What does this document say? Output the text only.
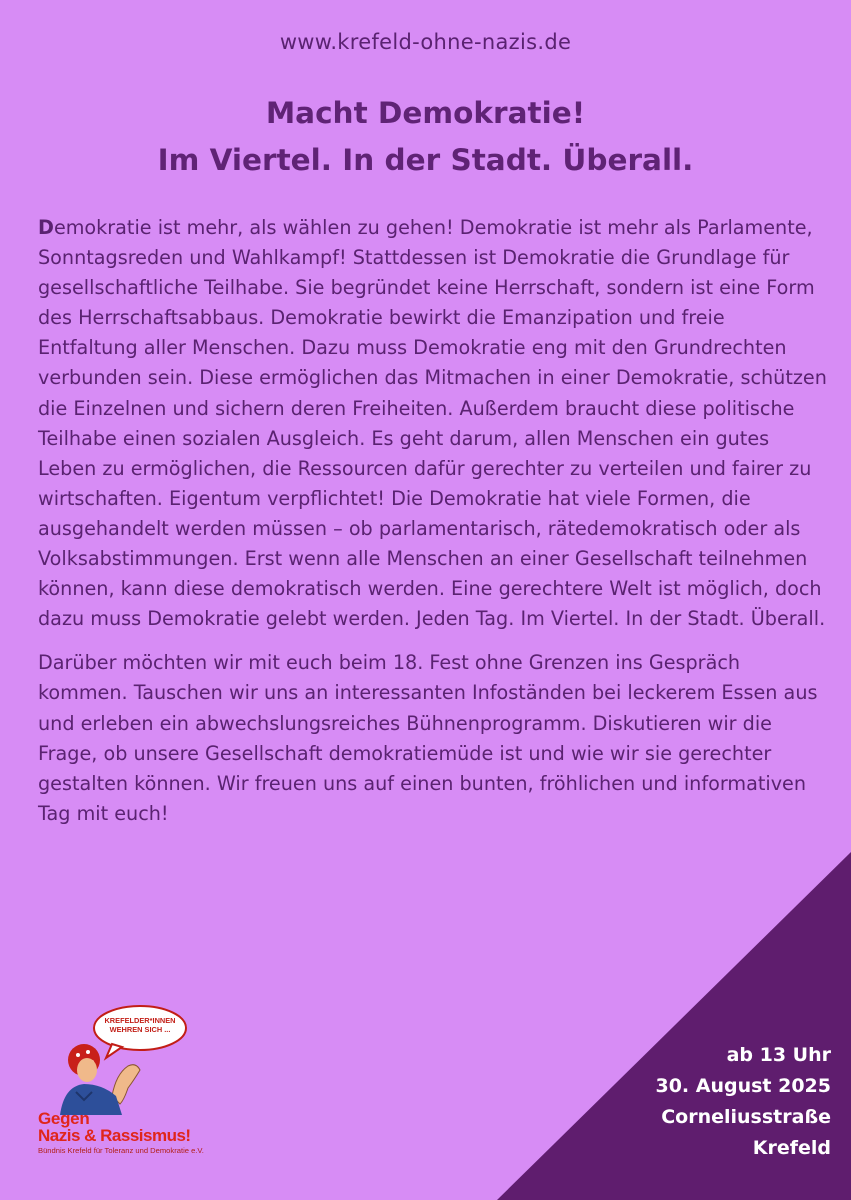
www.krefeld-ohne-nazis.de
Macht Demokratie!
Im Viertel. In der Stadt. Überall.

Demokratie ist mehr, als wählen zu gehen! Demokratie ist mehr als Parlamente, Sonntagsreden und Wahlkampf! Stattdessen ist Demokratie die Grundlage für gesellschaftliche Teilhabe. Sie begründet keine Herrschaft, sondern ist eine Form des Herrschaftsabbaus. Demokratie bewirkt die Emanzipation und freie Entfaltung aller Menschen. Dazu muss Demokratie eng mit den Grundrechten verbunden sein. Diese ermöglichen das Mitmachen in einer Demokratie, schützen die Einzelnen und sichern deren Freiheiten. Außerdem braucht diese politische Teilhabe einen sozialen Ausgleich. Es geht darum, allen Menschen ein gutes Leben zu ermöglichen, die Ressourcen dafür gerechter zu verteilen und fairer zu wirtschaften. Eigentum verpflichtet! Die Demokratie hat viele Formen, die ausgehandelt werden müssen – ob parlamentarisch, rätedemokratisch oder als Volksabstimmungen. Erst wenn alle Menschen an einer Gesellschaft teilnehmen können, kann diese demokratisch werden. Eine gerechtere Welt ist möglich, doch dazu muss Demokratie gelebt werden. Jeden Tag. Im Viertel. In der Stadt. Überall.

Darüber möchten wir mit euch beim 18. Fest ohne Grenzen ins Gespräch kommen. Tauschen wir uns an interessanten Infoständen bei leckerem Essen aus und erleben ein abwechslungsreiches Bühnenprogramm. Diskutieren wir die Frage, ob unsere Gesellschaft demokratiemüde ist und wie wir sie gerechter gestalten können. Wir freuen uns auf einen bunten, fröhlichen und informativen Tag mit euch!

KREFELDER*INNEN WEHREN SICH ...
Gegen
Nazis & Rassismus!
Bündnis Krefeld für Toleranz und Demokratie e.V.
ab 13 Uhr
30. August 2025
Corneliusstraße
Krefeld
